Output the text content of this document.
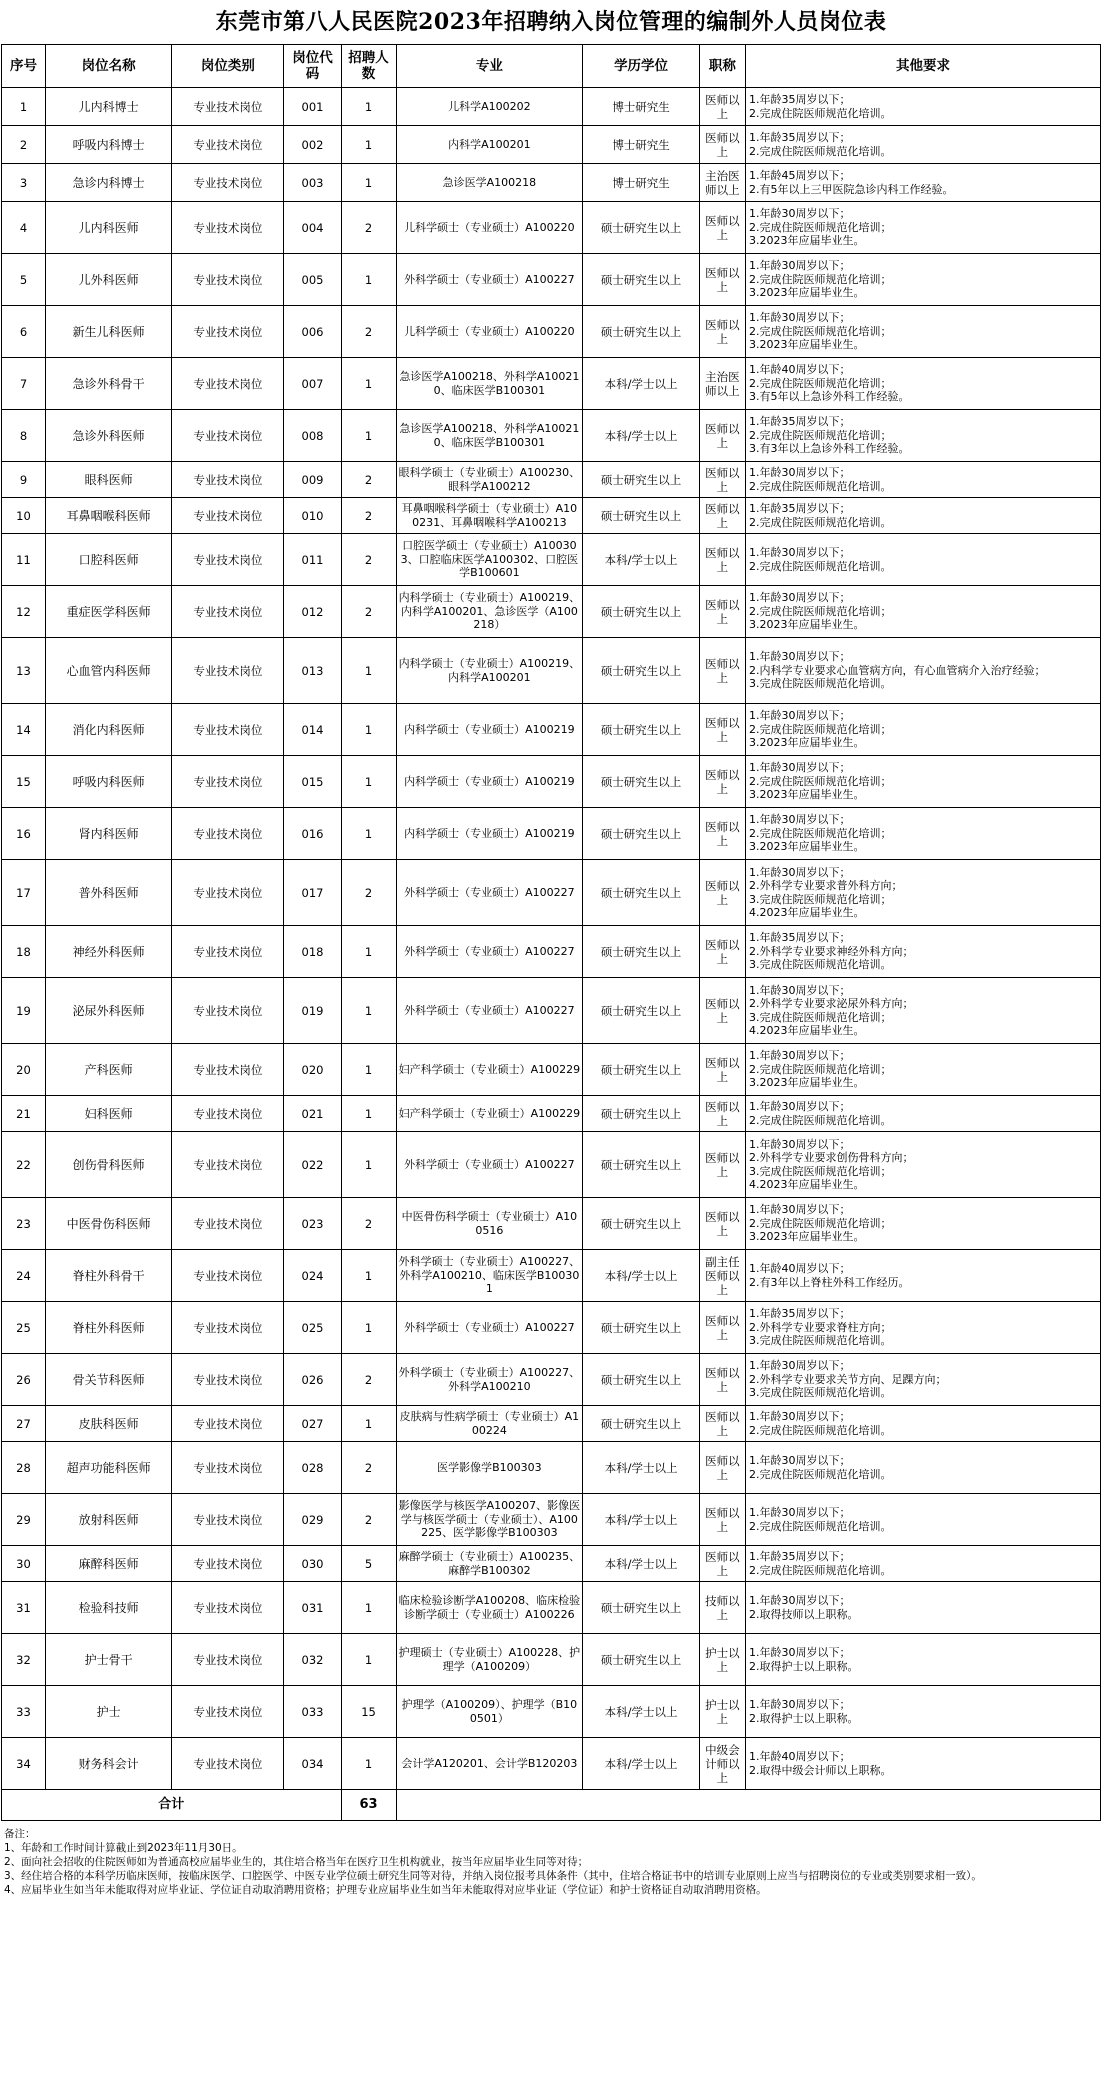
东莞市第八人民医院2023年招聘纳入岗位管理的编制外人员岗位表
序号	岗位名称	岗位类别	岗位代码	招聘人数	专业	学历学位	职称	其他要求
1	儿内科博士	专业技术岗位	001	1	儿科学A100202	博士研究生	医师以上	1.年龄35周岁以下；
2.完成住院医师规范化培训。
2	呼吸内科博士	专业技术岗位	002	1	内科学A100201	博士研究生	医师以上	1.年龄35周岁以下；
2.完成住院医师规范化培训。
3	急诊内科博士	专业技术岗位	003	1	急诊医学A100218	博士研究生	主治医师以上	1.年龄45周岁以下；
2.有5年以上三甲医院急诊内科工作经验。
4	儿内科医师	专业技术岗位	004	2	儿科学硕士（专业硕士）A100220	硕士研究生以上	医师以上	1.年龄30周岁以下；
2.完成住院医师规范化培训；
3.2023年应届毕业生。
5	儿外科医师	专业技术岗位	005	1	外科学硕士（专业硕士）A100227	硕士研究生以上	医师以上	1.年龄30周岁以下；
2.完成住院医师规范化培训；
3.2023年应届毕业生。
6	新生儿科医师	专业技术岗位	006	2	儿科学硕士（专业硕士）A100220	硕士研究生以上	医师以上	1.年龄30周岁以下；
2.完成住院医师规范化培训；
3.2023年应届毕业生。
7	急诊外科骨干	专业技术岗位	007	1	急诊医学A100218、外科学A100210、临床医学B100301	本科/学士以上	主治医师以上	1.年龄40周岁以下；
2.完成住院医师规范化培训；
3.有5年以上急诊外科工作经验。
8	急诊外科医师	专业技术岗位	008	1	急诊医学A100218、外科学A100210、临床医学B100301	本科/学士以上	医师以上	1.年龄35周岁以下；
2.完成住院医师规范化培训；
3.有3年以上急诊外科工作经验。
9	眼科医师	专业技术岗位	009	2	眼科学硕士（专业硕士）A100230、眼科学A100212	硕士研究生以上	医师以上	1.年龄30周岁以下；
2.完成住院医师规范化培训。
10	耳鼻咽喉科医师	专业技术岗位	010	2	耳鼻咽喉科学硕士（专业硕士）A100231、耳鼻咽喉科学A100213	硕士研究生以上	医师以上	1.年龄35周岁以下；
2.完成住院医师规范化培训。
11	口腔科医师	专业技术岗位	011	2	口腔医学硕士（专业硕士）A100303、口腔临床医学A100302、口腔医学B100601	本科/学士以上	医师以上	1.年龄30周岁以下；
2.完成住院医师规范化培训。
12	重症医学科医师	专业技术岗位	012	2	内科学硕士（专业硕士）A100219、内科学A100201、急诊医学（A100218）	硕士研究生以上	医师以上	1.年龄30周岁以下；
2.完成住院医师规范化培训；
3.2023年应届毕业生。
13	心血管内科医师	专业技术岗位	013	1	内科学硕士（专业硕士）A100219、内科学A100201	硕士研究生以上	医师以上	1.年龄30周岁以下；
2.内科学专业要求心血管病方向，有心血管病介入治疗经验；
3.完成住院医师规范化培训。
14	消化内科医师	专业技术岗位	014	1	内科学硕士（专业硕士）A100219	硕士研究生以上	医师以上	1.年龄30周岁以下；
2.完成住院医师规范化培训；
3.2023年应届毕业生。
15	呼吸内科医师	专业技术岗位	015	1	内科学硕士（专业硕士）A100219	硕士研究生以上	医师以上	1.年龄30周岁以下；
2.完成住院医师规范化培训；
3.2023年应届毕业生。
16	肾内科医师	专业技术岗位	016	1	内科学硕士（专业硕士）A100219	硕士研究生以上	医师以上	1.年龄30周岁以下；
2.完成住院医师规范化培训；
3.2023年应届毕业生。
17	普外科医师	专业技术岗位	017	2	外科学硕士（专业硕士）A100227	硕士研究生以上	医师以上	1.年龄30周岁以下；
2.外科学专业要求普外科方向；
3.完成住院医师规范化培训；
4.2023年应届毕业生。
18	神经外科医师	专业技术岗位	018	1	外科学硕士（专业硕士）A100227	硕士研究生以上	医师以上	1.年龄35周岁以下；
2.外科学专业要求神经外科方向；
3.完成住院医师规范化培训。
19	泌尿外科医师	专业技术岗位	019	1	外科学硕士（专业硕士）A100227	硕士研究生以上	医师以上	1.年龄30周岁以下；
2.外科学专业要求泌尿外科方向；
3.完成住院医师规范化培训；
4.2023年应届毕业生。
20	产科医师	专业技术岗位	020	1	妇产科学硕士（专业硕士）A100229	硕士研究生以上	医师以上	1.年龄30周岁以下；
2.完成住院医师规范化培训；
3.2023年应届毕业生。
21	妇科医师	专业技术岗位	021	1	妇产科学硕士（专业硕士）A100229	硕士研究生以上	医师以上	1.年龄30周岁以下；
2.完成住院医师规范化培训。
22	创伤骨科医师	专业技术岗位	022	1	外科学硕士（专业硕士）A100227	硕士研究生以上	医师以上	1.年龄30周岁以下；
2.外科学专业要求创伤骨科方向；
3.完成住院医师规范化培训；
4.2023年应届毕业生。
23	中医骨伤科医师	专业技术岗位	023	2	中医骨伤科学硕士（专业硕士）A100516	硕士研究生以上	医师以上	1.年龄30周岁以下；
2.完成住院医师规范化培训；
3.2023年应届毕业生。
24	脊柱外科骨干	专业技术岗位	024	1	外科学硕士（专业硕士）A100227、外科学A100210、临床医学B100301	本科/学士以上	副主任医师以上	1.年龄40周岁以下；
2.有3年以上脊柱外科工作经历。
25	脊柱外科医师	专业技术岗位	025	1	外科学硕士（专业硕士）A100227	硕士研究生以上	医师以上	1.年龄35周岁以下；
2.外科学专业要求脊柱方向；
3.完成住院医师规范化培训。
26	骨关节科医师	专业技术岗位	026	2	外科学硕士（专业硕士）A100227、外科学A100210	硕士研究生以上	医师以上	1.年龄30周岁以下；
2.外科学专业要求关节方向、足踝方向；
3.完成住院医师规范化培训。
27	皮肤科医师	专业技术岗位	027	1	皮肤病与性病学硕士（专业硕士）A100224	硕士研究生以上	医师以上	1.年龄30周岁以下；
2.完成住院医师规范化培训。
28	超声功能科医师	专业技术岗位	028	2	医学影像学B100303	本科/学士以上	医师以上	1.年龄30周岁以下；
2.完成住院医师规范化培训。
29	放射科医师	专业技术岗位	029	2	影像医学与核医学A100207、影像医学与核医学硕士（专业硕士）、A100225、医学影像学B100303	本科/学士以上	医师以上	1.年龄30周岁以下；
2.完成住院医师规范化培训。
30	麻醉科医师	专业技术岗位	030	5	麻醉学硕士（专业硕士）A100235、麻醉学B100302	本科/学士以上	医师以上	1.年龄35周岁以下；
2.完成住院医师规范化培训。
31	检验科技师	专业技术岗位	031	1	临床检验诊断学A100208、临床检验诊断学硕士（专业硕士）A100226	硕士研究生以上	技师以上	1.年龄30周岁以下；
2.取得技师以上职称。
32	护士骨干	专业技术岗位	032	1	护理硕士（专业硕士）A100228、护理学（A100209）	硕士研究生以上	护士以上	1.年龄30周岁以下；
2.取得护士以上职称。
33	护士	专业技术岗位	033	15	护理学（A100209）、护理学（B100501）	本科/学士以上	护士以上	1.年龄30周岁以下；
2.取得护士以上职称。
34	财务科会计	专业技术岗位	034	1	会计学A120201、会计学B120203	本科/学士以上	中级会计师以上	1.年龄40周岁以下；
2.取得中级会计师以上职称。
合计				63				
备注：
1、年龄和工作时间计算截止到2023年11月30日。
2、面向社会招收的住院医师如为普通高校应届毕业生的，其住培合格当年在医疗卫生机构就业，按当年应届毕业生同等对待；
3、经住培合格的本科学历临床医师，按临床医学、口腔医学、中医专业学位硕士研究生同等对待，并纳入岗位报考具体条件（其中，住培合格证书中的培训专业原则上应当与招聘岗位的专业或类别要求相一致）。
4、应届毕业生如当年未能取得对应毕业证、学位证自动取消聘用资格；护理专业应届毕业生如当年未能取得对应毕业证（学位证）和护士资格证自动取消聘用资格。
